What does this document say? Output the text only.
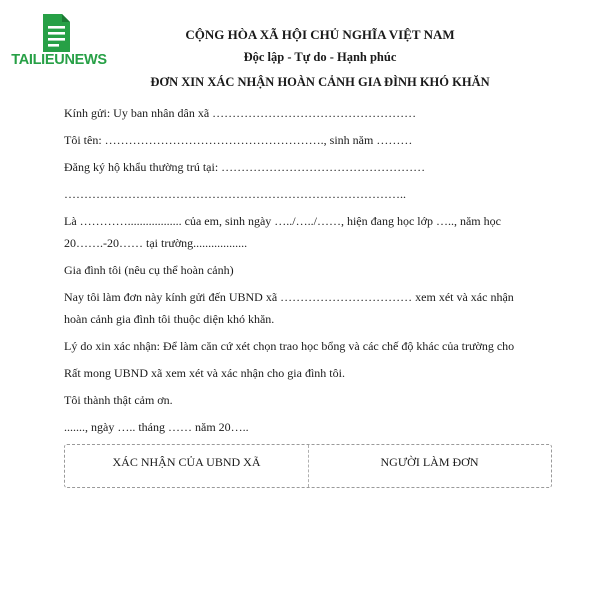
TAILIEUNEWS
CỘNG HÒA XÃ HỘI CHỦ NGHĨA VIỆT NAM
Độc lập - Tự do - Hạnh phúc
ĐƠN XIN XÁC NHẬN HOÀN CẢNH GIA ĐÌNH KHÓ KHĂN
Kính gửi: Uy ban nhân dân xã ……………………………………………
Tôi tên: ………………………………………………., sinh năm ………
Đăng ký hộ khẩu thường trú tại: ……………………………………………
…………………………………………………………………………..
Là ………….................. của em, sinh ngày …../…../……, hiện đang học lớp ….., năm học
20…….-20…… tại trường..................
Gia đình tôi (nêu cụ thể hoàn cảnh)
Nay tôi làm đơn này kính gửi đến UBND xã …………………………… xem xét và xác nhận
hoàn cảnh gia đình tôi thuộc diện khó khăn.
Lý do xin xác nhận: Để làm căn cứ xét chọn trao học bổng và các chế độ khác của trường cho
Rất mong UBND xã xem xét và xác nhận cho gia đình tôi.
Tôi thành thật cảm ơn.
......., ngày ….. tháng …… năm 20…..
XÁC NHẬN CỦA UBND XÃ	NGƯỜI LÀM ĐƠN
